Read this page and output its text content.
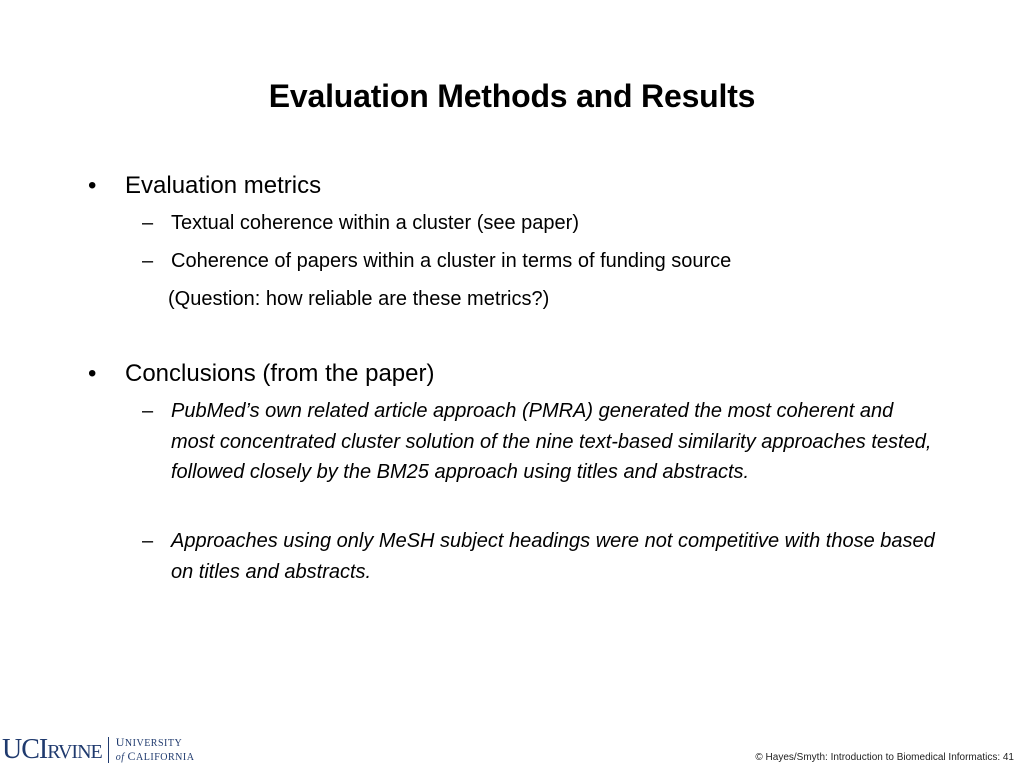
Evaluation Methods and Results
• Evaluation metrics
– Textual coherence within a cluster (see paper)
– Coherence of papers within a cluster in terms of funding source
(Question: how reliable are these metrics?)
• Conclusions (from the paper)
– PubMed’s own related article approach (PMRA) generated the most coherent and most concentrated cluster solution of the nine text-based similarity approaches tested, followed closely by the BM25 approach using titles and abstracts.
– Approaches using only MeSH subject headings were not competitive with those based on titles and abstracts.
UCIRVINE UNIVERSITY
of CALIFORNIA	© Hayes/Smyth: Introduction to Biomedical Informatics: 41
